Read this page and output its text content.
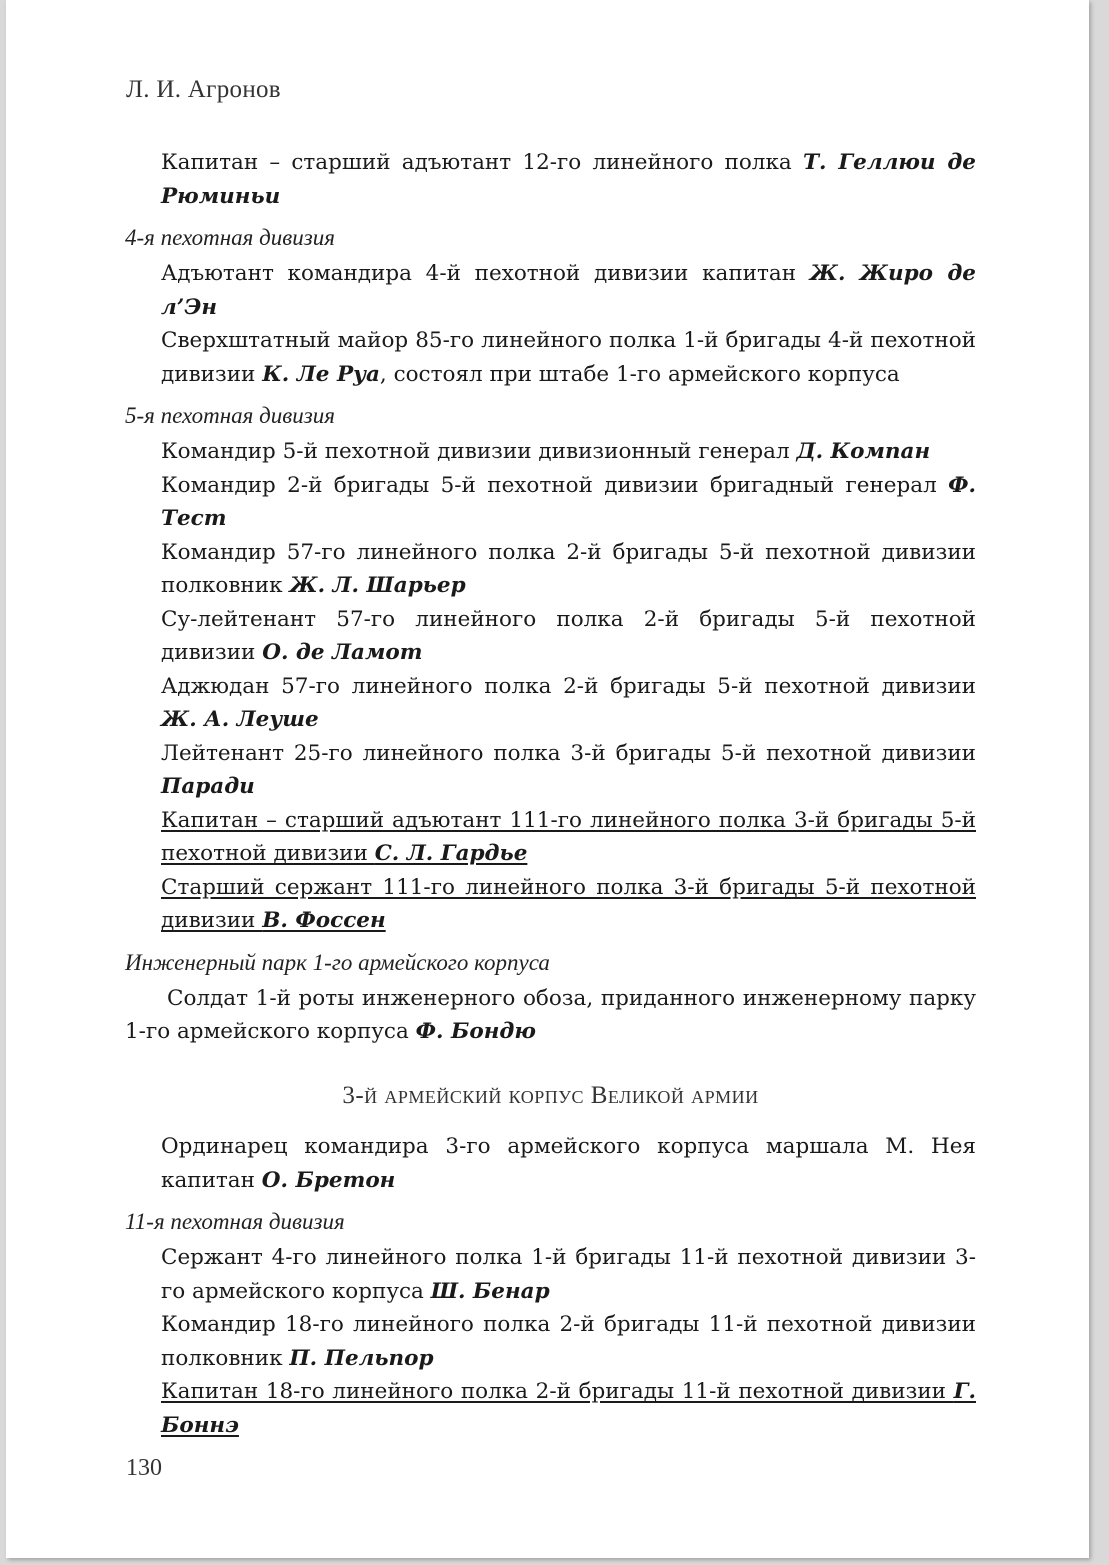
Л. И. Агронов

Капитан – старший адъютант 12-го линейного полка Т. Геллюи де Рюминьи

4-я пехотная дивизия

Адъютант командира 4-й пехотной дивизии капитан Ж. Жиро де л’Эн

Сверхштатный майор 85-го линейного полка 1-й бригады 4-й пехотной дивизии К. Ле Руа, состоял при штабе 1-го армейского корпуса

5-я пехотная дивизия

Командир 5-й пехотной дивизии дивизионный генерал Д. Компан

Командир 2-й бригады 5-й пехотной дивизии бригадный генерал Ф. Тест

Командир 57-го линейного полка 2-й бригады 5-й пехотной дивизии полковник Ж. Л. Шарьер

Су-лейтенант 57-го линейного полка 2-й бригады 5-й пехотной дивизии О. де Ламот

Аджюдан 57-го линейного полка 2-й бригады 5-й пехотной дивизии Ж. А. Леуше

Лейтенант 25-го линейного полка 3-й бригады 5-й пехотной дивизии Паради

Капитан – старший адъютант 111-го линейного полка 3-й бригады 5-й пехотной дивизии С. Л. Гардье

Старший сержант 111-го линейного полка 3-й бригады 5-й пехотной дивизии В. Фоссен

Инженерный парк 1-го армейского корпуса

Солдат 1-й роты инженерного обоза, приданного инженерному парку 1-го армейского корпуса Ф. Бондю

3-й армейский корпус Великой армии

Ординарец командира 3-го армейского корпуса маршала М. Нея капитан О. Бретон

11-я пехотная дивизия

Сержант 4-го линейного полка 1-й бригады 11-й пехотной дивизии 3-го армейского корпуса Ш. Бенар

Командир 18-го линейного полка 2-й бригады 11-й пехотной дивизии полковник П. Пельпор

Капитан 18-го линейного полка 2-й бригады 11-й пехотной дивизии Г. Боннэ

130
